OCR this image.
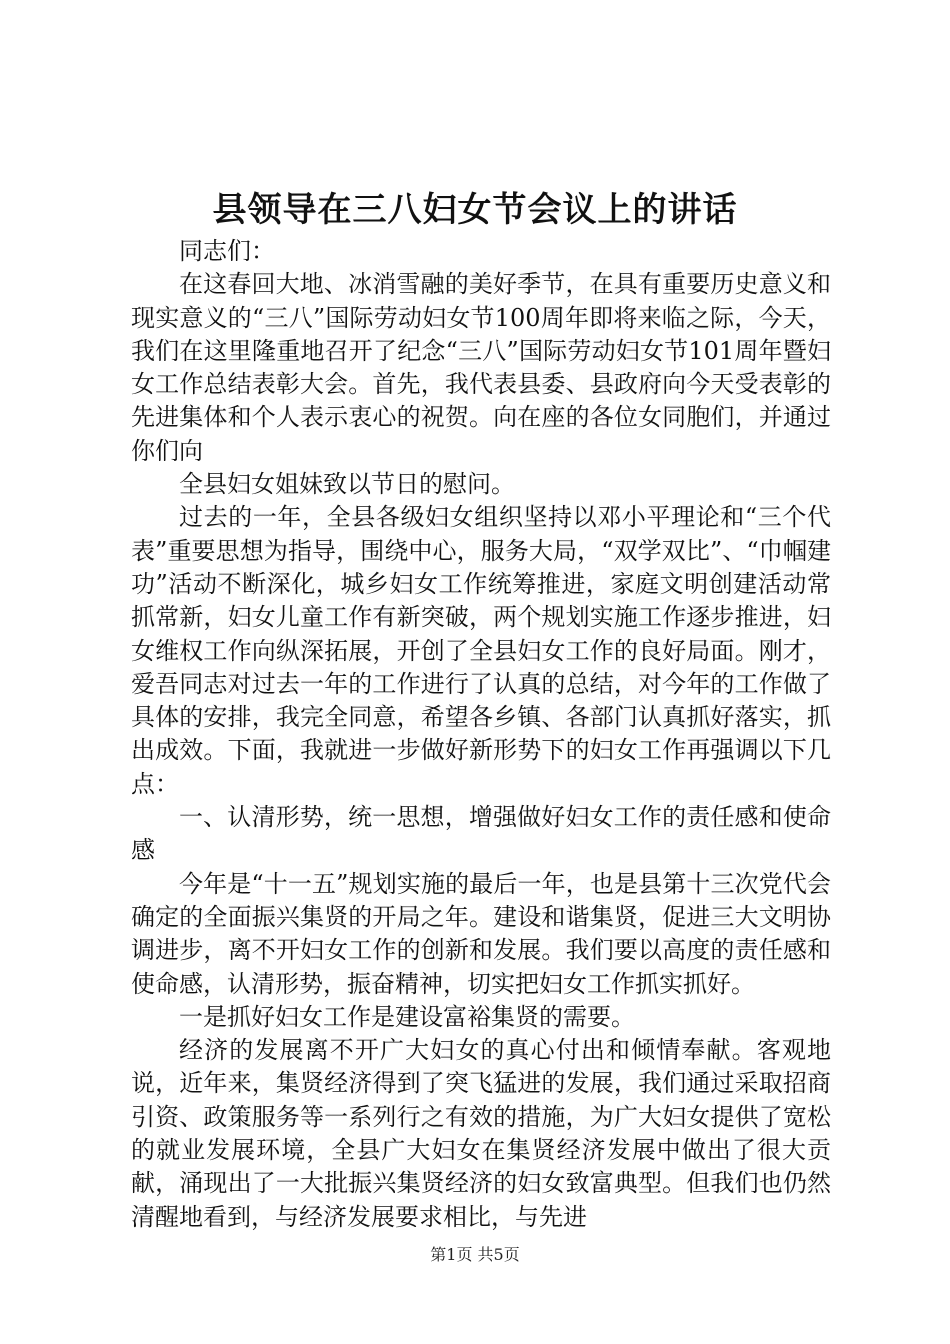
县领导在三八妇女节会议上的讲话

同志们：

在这春回大地、冰消雪融的美好季节，在具有重要历史意义和现实意义的“三八”国际劳动妇女节100周年即将来临之际，今天，我们在这里隆重地召开了纪念“三八”国际劳动妇女节101周年暨妇女工作总结表彰大会。首先，我代表县委、县政府向今天受表彰的先进集体和个人表示衷心的祝贺。向在座的各位女同胞们，并通过你们向

全县妇女姐妹致以节日的慰问。

过去的一年，全县各级妇女组织坚持以邓小平理论和“三个代表”重要思想为指导，围绕中心，服务大局，“双学双比”、“巾帼建功”活动不断深化，城乡妇女工作统筹推进，家庭文明创建活动常抓常新，妇女儿童工作有新突破，两个规划实施工作逐步推进，妇女维权工作向纵深拓展，开创了全县妇女工作的良好局面。刚才，爱吾同志对过去一年的工作进行了认真的总结，对今年的工作做了具体的安排，我完全同意，希望各乡镇、各部门认真抓好落实，抓出成效。下面，我就进一步做好新形势下的妇女工作再强调以下几点：

一、认清形势，统一思想，增强做好妇女工作的责任感和使命感

今年是“十一五”规划实施的最后一年，也是县第十三次党代会确定的全面振兴集贤的开局之年。建设和谐集贤，促进三大文明协调进步，离不开妇女工作的创新和发展。我们要以高度的责任感和使命感，认清形势，振奋精神，切实把妇女工作抓实抓好。

一是抓好妇女工作是建设富裕集贤的需要。

经济的发展离不开广大妇女的真心付出和倾情奉献。客观地说，近年来，集贤经济得到了突飞猛进的发展，我们通过采取招商引资、政策服务等一系列行之有效的措施，为广大妇女提供了宽松的就业发展环境，全县广大妇女在集贤经济发展中做出了很大贡献，涌现出了一大批振兴集贤经济的妇女致富典型。但我们也仍然清醒地看到，与经济发展要求相比，与先进

第1页 共5页
